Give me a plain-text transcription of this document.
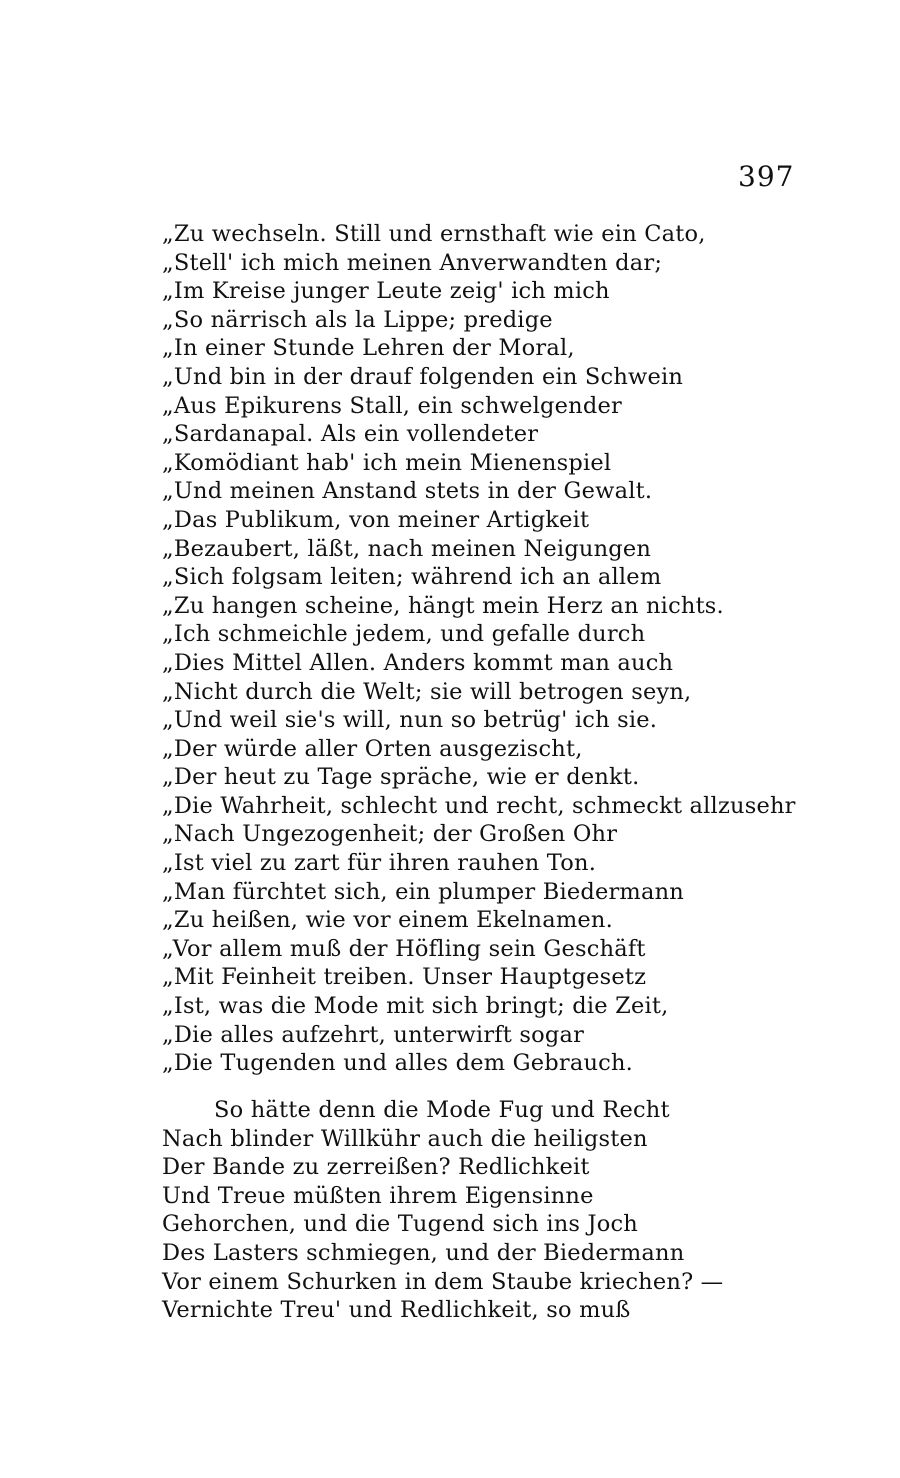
397
„Zu wechseln. Still und ernsthaft wie ein Cato,
„Stell' ich mich meinen Anverwandten dar;
„Im Kreise junger Leute zeig' ich mich
„So närrisch als la Lippe; predige
„In einer Stunde Lehren der Moral,
„Und bin in der drauf folgenden ein Schwein
„Aus Epikurens Stall, ein schwelgender
„Sardanapal. Als ein vollendeter
„Komödiant hab' ich mein Mienenspiel
„Und meinen Anstand stets in der Gewalt.
„Das Publikum, von meiner Artigkeit
„Bezaubert, läßt, nach meinen Neigungen
„Sich folgsam leiten; während ich an allem
„Zu hangen scheine, hängt mein Herz an nichts.
„Ich schmeichle jedem, und gefalle durch
„Dies Mittel Allen. Anders kommt man auch
„Nicht durch die Welt; sie will betrogen seyn,
„Und weil sie's will, nun so betrüg' ich sie.
„Der würde aller Orten ausgezischt,
„Der heut zu Tage spräche, wie er denkt.
„Die Wahrheit, schlecht und recht, schmeckt allzusehr
„Nach Ungezogenheit; der Großen Ohr
„Ist viel zu zart für ihren rauhen Ton.
„Man fürchtet sich, ein plumper Biedermann
„Zu heißen, wie vor einem Ekelnamen.
„Vor allem muß der Höfling sein Geschäft
„Mit Feinheit treiben. Unser Hauptgesetz
„Ist, was die Mode mit sich bringt; die Zeit,
„Die alles aufzehrt, unterwirft sogar
„Die Tugenden und alles dem Gebrauch.
So hätte denn die Mode Fug und Recht
Nach blinder Willkühr auch die heiligsten
Der Bande zu zerreißen? Redlichkeit
Und Treue müßten ihrem Eigensinne
Gehorchen, und die Tugend sich ins Joch
Des Lasters schmiegen, und der Biedermann
Vor einem Schurken in dem Staube kriechen? —
Vernichte Treu' und Redlichkeit, so muß
